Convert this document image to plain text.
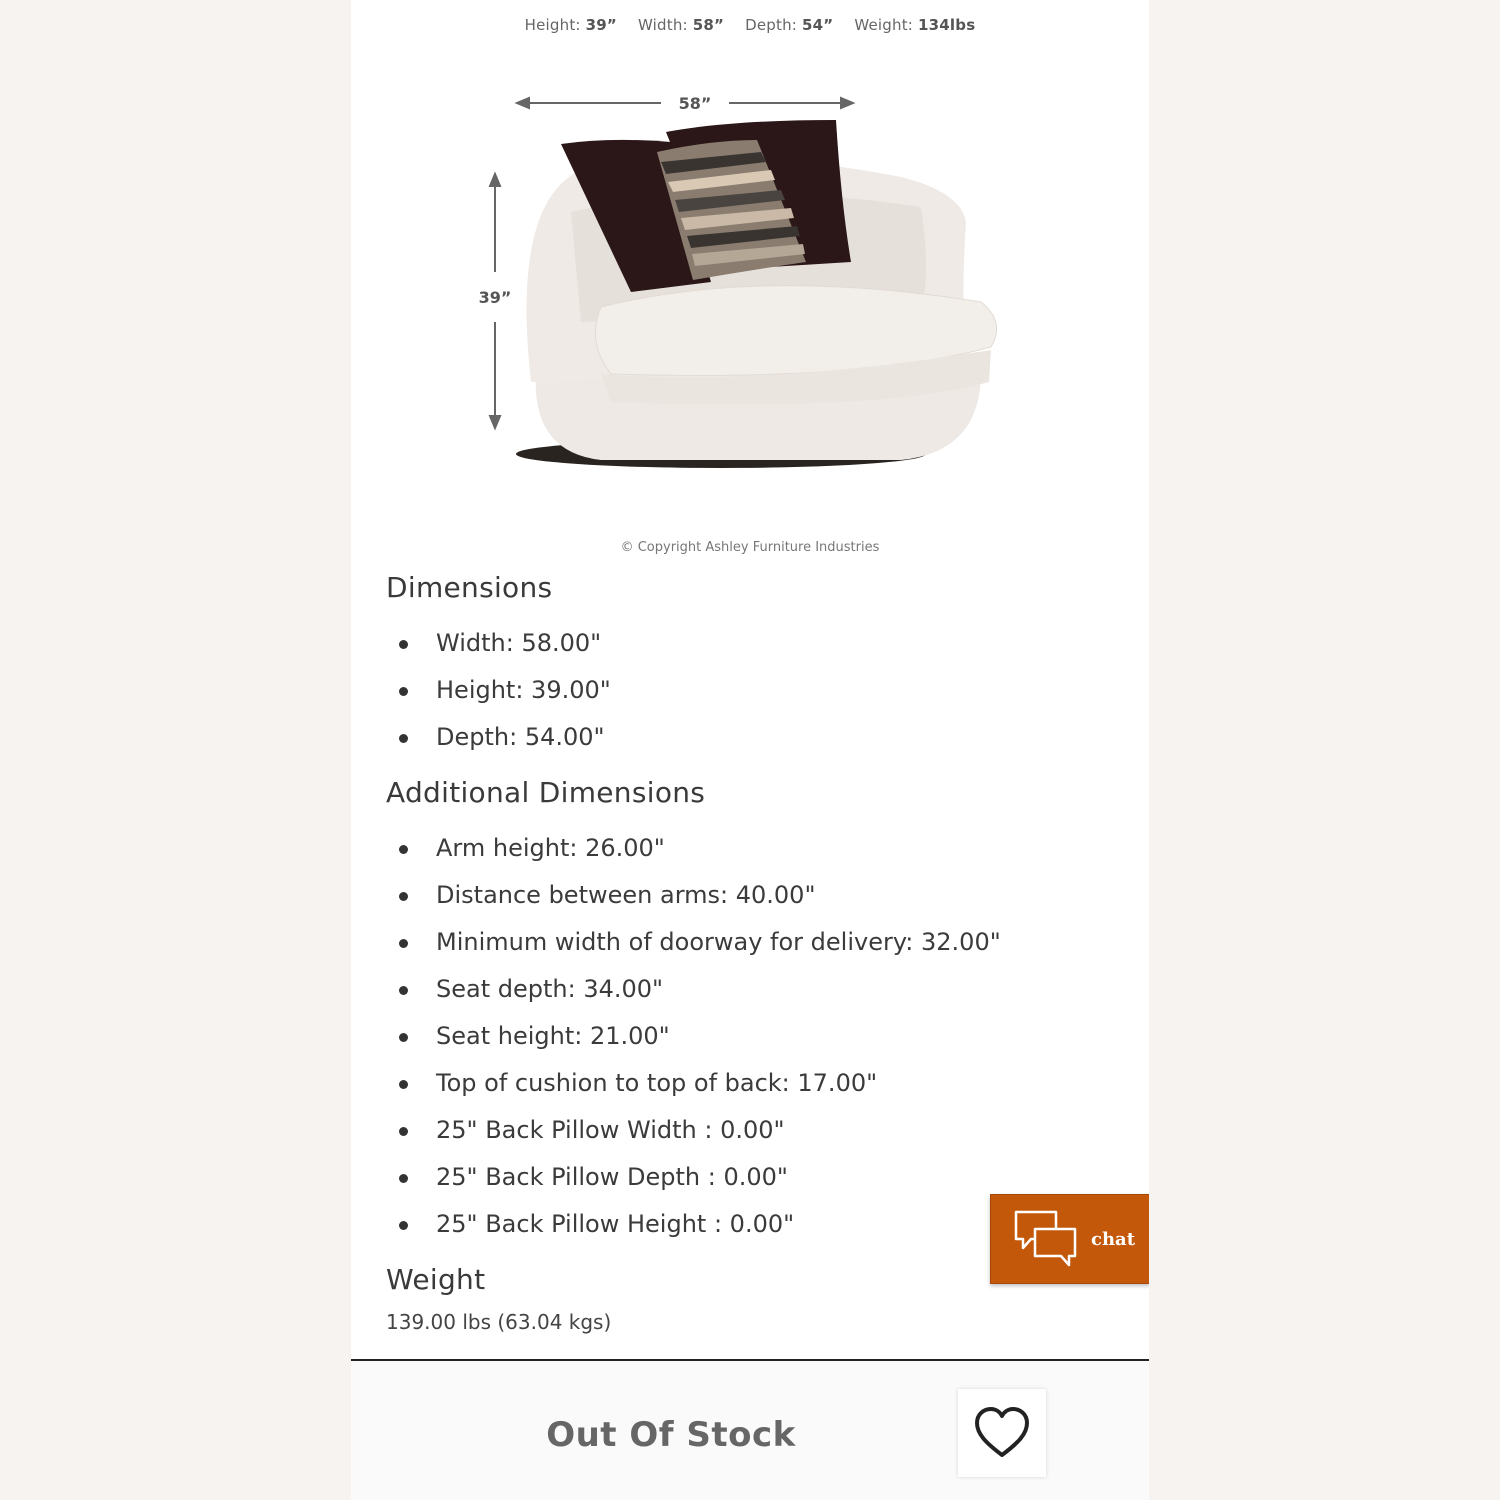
Height: 39” Width: 58” Depth: 54” Weight: 134lbs
58”
39”
© Copyright Ashley Furniture Industries
Dimensions
Width: 58.00"
Height: 39.00"
Depth: 54.00"
Additional Dimensions
Arm height: 26.00"
Distance between arms: 40.00"
Minimum width of doorway for delivery: 32.00"
Seat depth: 34.00"
Seat height: 21.00"
Top of cushion to top of back: 17.00"
25" Back Pillow Width : 0.00"
25" Back Pillow Depth : 0.00"
25" Back Pillow Height : 0.00"
Weight
139.00 lbs (63.04 kgs)
chat
Out Of Stock
